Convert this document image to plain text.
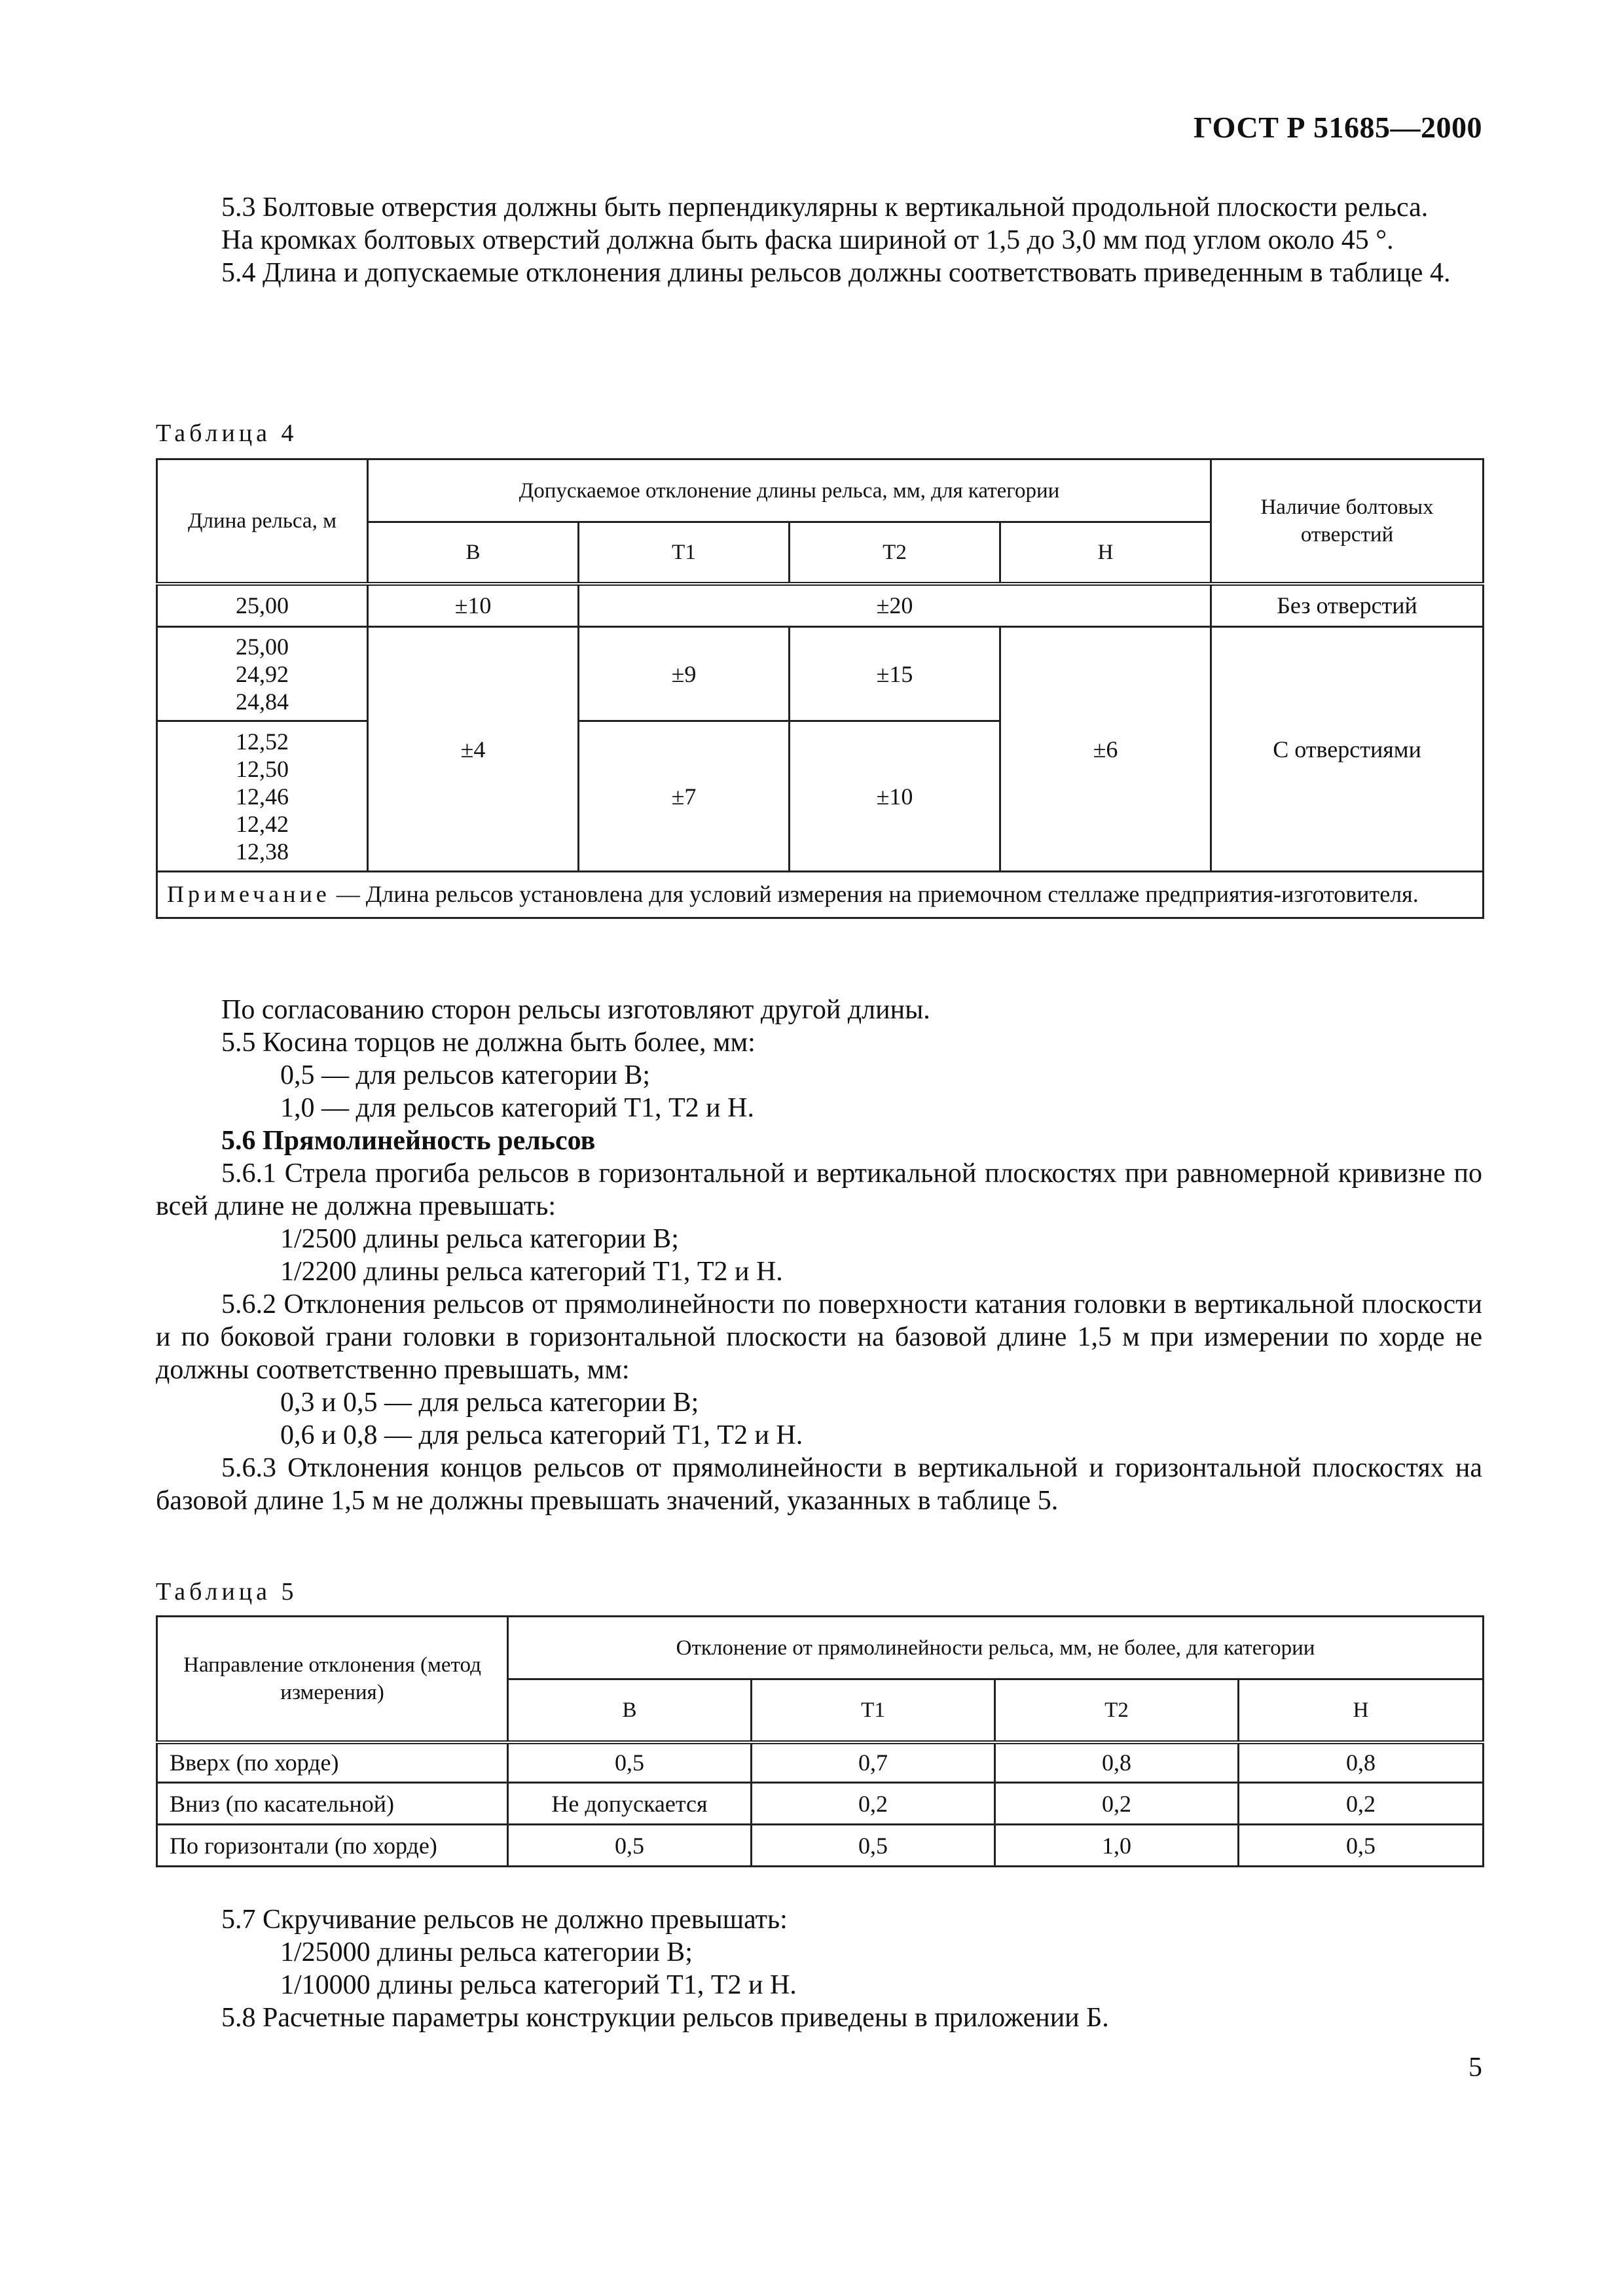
ГОСТ Р 51685—2000

5.3 Болтовые отверстия должны быть перпендикулярны к вертикальной продольной плоскости рельса.

На кромках болтовых отверстий должна быть фаска шириной от 1,5 до 3,0 мм под углом около 45 °.

5.4 Длина и допускаемые отклонения длины рельсов должны соответствовать приведенным в таблице 4.

Таблица 4
Длина рельса, м	Допускаемое отклонение длины рельса, мм, для категории				Наличие болтовых отверстий
	В	Т1	Т2	Н	
25,00	±10	±20			Без отверстий

25,00
24,92
24,84	±4	±9	±15	±6	С отверстиями

12,52
12,50
12,46
12,42
12,38		±7	±10		
Примечание — Длина рельсов установлена для условий измерения на приемочном стеллаже предприятия-изготовителя.					

По согласованию сторон рельсы изготовляют другой длины.

5.5 Косина торцов не должна быть более, мм:

0,5 — для рельсов категории В;

1,0 — для рельсов категорий Т1, Т2 и Н.

5.6 Прямолинейность рельсов

5.6.1 Стрела прогиба рельсов в горизонтальной и вертикальной плоскостях при равномерной кривизне по всей длине не должна превышать:

1/2500 длины рельса категории В;

1/2200 длины рельса категорий Т1, Т2 и Н.

5.6.2 Отклонения рельсов от прямолинейности по поверхности катания головки в вертикальной плоскости и по боковой грани головки в горизонтальной плоскости на базовой длине 1,5 м при измерении по хорде не должны соответственно превышать, мм:

0,3 и 0,5 — для рельса категории В;

0,6 и 0,8 — для рельса категорий Т1, Т2 и Н.

5.6.3 Отклонения концов рельсов от прямолинейности в вертикальной и горизонтальной плоскостях на базовой длине 1,5 м не должны превышать значений, указанных в таблице 5.

Таблица 5
Направление отклонения (метод измерения)	Отклонение от прямолинейности рельса, мм, не более, для категории			
	В	Т1	Т2	Н
Вверх (по хорде)	0,5	0,7	0,8	0,8
Вниз (по касательной)	Не допускается	0,2	0,2	0,2
По горизонтали (по хорде)	0,5	0,5	1,0	0,5

5.7 Скручивание рельсов не должно превышать:

1/25000 длины рельса категории В;

1/10000 длины рельса категорий Т1, Т2 и Н.

5.8 Расчетные параметры конструкции рельсов приведены в приложении Б.

5
